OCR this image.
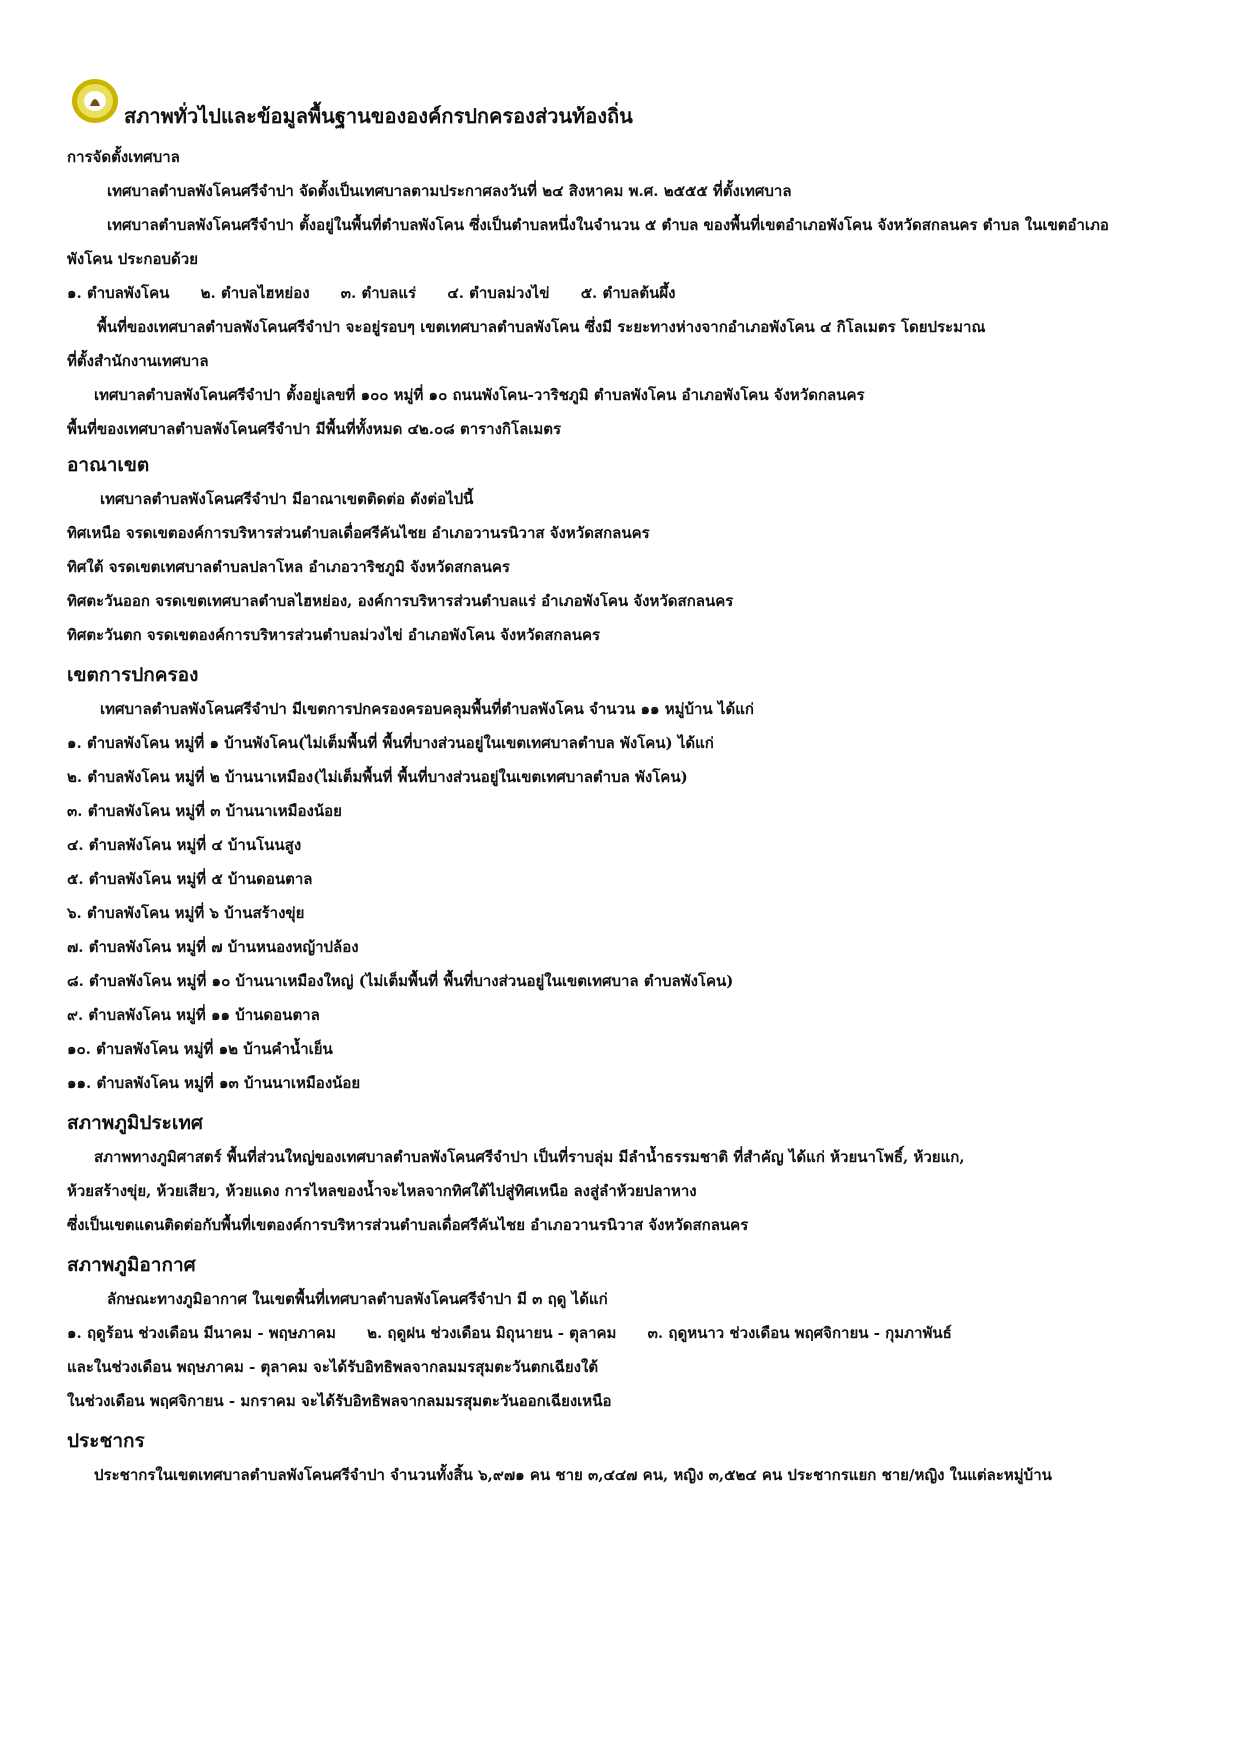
สภาพทั่วไปและข้อมูลพื้นฐานขององค์กรปกครองส่วนท้องถิ่น
การจัดตั้งเทศบาล
เทศบาลตำบลพังโคนศรีจำปา จัดตั้งเป็นเทศบาลตามประกาศลงวันที่ ๒๔ สิงหาคม พ.ศ. ๒๕๕๕ ที่ตั้งเทศบาล
เทศบาลตำบลพังโคนศรีจำปา ตั้งอยู่ในพื้นที่ตำบลพังโคน ซึ่งเป็นตำบลหนึ่งในจำนวน ๕ ตำบล ของพื้นที่เขตอำเภอพังโคน จังหวัดสกลนคร ตำบล ในเขตอำเภอ
พังโคน ประกอบด้วย
๑. ตำบลพังโคน ๒. ตำบลไฮหย่อง ๓. ตำบลแร่ ๔. ตำบลม่วงไข่ ๕. ตำบลต้นผึ้ง
พื้นที่ของเทศบาลตำบลพังโคนศรีจำปา จะอยู่รอบๆ เขตเทศบาลตำบลพังโคน ซึ่งมี ระยะทางห่างจากอำเภอพังโคน ๔ กิโลเมตร โดยประมาณ
ที่ตั้งสำนักงานเทศบาล
เทศบาลตำบลพังโคนศรีจำปา ตั้งอยู่เลขที่ ๑๐๐ หมู่ที่ ๑๐ ถนนพังโคน-วาริชภูมิ ตำบลพังโคน อำเภอพังโคน จังหวัดกลนคร
พื้นที่ของเทศบาลตำบลพังโคนศรีจำปา มีพื้นที่ทั้งหมด ๔๒.๐๘ ตารางกิโลเมตร
อาณาเขต
เทศบาลตำบลพังโคนศรีจำปา มีอาณาเขตติดต่อ ดังต่อไปนี้
ทิศเหนือ จรดเขตองค์การบริหารส่วนตำบลเดื่อศรีคันไชย อำเภอวานรนิวาส จังหวัดสกลนคร
ทิศใต้ จรดเขตเทศบาลตำบลปลาโหล อำเภอวาริชภูมิ จังหวัดสกลนคร
ทิศตะวันออก จรดเขตเทศบาลตำบลไฮหย่อง, องค์การบริหารส่วนตำบลแร่ อำเภอพังโคน จังหวัดสกลนคร
ทิศตะวันตก จรดเขตองค์การบริหารส่วนตำบลม่วงไข่ อำเภอพังโคน จังหวัดสกลนคร
เขตการปกครอง
เทศบาลตำบลพังโคนศรีจำปา มีเขตการปกครองครอบคลุมพื้นที่ตำบลพังโคน จำนวน ๑๑ หมู่บ้าน ได้แก่
๑. ตำบลพังโคน หมู่ที่ ๑ บ้านพังโคน(ไม่เต็มพื้นที่ พื้นที่บางส่วนอยู่ในเขตเทศบาลตำบล พังโคน) ได้แก่
๒. ตำบลพังโคน หมู่ที่ ๒ บ้านนาเหมือง(ไม่เต็มพื้นที่ พื้นที่บางส่วนอยู่ในเขตเทศบาลตำบล พังโคน)
๓. ตำบลพังโคน หมู่ที่ ๓ บ้านนาเหมืองน้อย
๔. ตำบลพังโคน หมู่ที่ ๔ บ้านโนนสูง
๕. ตำบลพังโคน หมู่ที่ ๕ บ้านดอนตาล
๖. ตำบลพังโคน หมู่ที่ ๖ บ้านสร้างขุ่ย
๗. ตำบลพังโคน หมู่ที่ ๗ บ้านหนองหญ้าปล้อง
๘. ตำบลพังโคน หมู่ที่ ๑๐ บ้านนาเหมืองใหญ่ (ไม่เต็มพื้นที่ พื้นที่บางส่วนอยู่ในเขตเทศบาล ตำบลพังโคน)
๙. ตำบลพังโคน หมู่ที่ ๑๑ บ้านดอนตาล
๑๐. ตำบลพังโคน หมู่ที่ ๑๒ บ้านคำน้ำเย็น
๑๑. ตำบลพังโคน หมู่ที่ ๑๓ บ้านนาเหมืองน้อย
สภาพภูมิประเทศ
สภาพทางภูมิศาสตร์ พื้นที่ส่วนใหญ่ของเทศบาลตำบลพังโคนศรีจำปา เป็นที่ราบลุ่ม มีลำน้ำธรรมชาติ ที่สำคัญ ได้แก่ ห้วยนาโพธิ์, ห้วยแก,
ห้วยสร้างขุ่ย, ห้วยเสียว, ห้วยแดง การไหลของน้ำจะไหลจากทิศใต้ไปสู่ทิศเหนือ ลงสู่ลำห้วยปลาหาง
ซึ่งเป็นเขตแดนติดต่อกับพื้นที่เขตองค์การบริหารส่วนตำบลเดื่อศรีคันไชย อำเภอวานรนิวาส จังหวัดสกลนคร
สภาพภูมิอากาศ
ลักษณะทางภูมิอากาศ ในเขตพื้นที่เทศบาลตำบลพังโคนศรีจำปา มี ๓ ฤดู ได้แก่
๑. ฤดูร้อน ช่วงเดือน มีนาคม - พฤษภาคม ๒. ฤดูฝน ช่วงเดือน มิถุนายน - ตุลาคม ๓. ฤดูหนาว ช่วงเดือน พฤศจิกายน - กุมภาพันธ์
และในช่วงเดือน พฤษภาคม - ตุลาคม จะได้รับอิทธิพลจากลมมรสุมตะวันตกเฉียงใต้
ในช่วงเดือน พฤศจิกายน - มกราคม จะได้รับอิทธิพลจากลมมรสุมตะวันออกเฉียงเหนือ
ประชากร
ประชากรในเขตเทศบาลตำบลพังโคนศรีจำปา จำนวนทั้งสิ้น ๖,๙๗๑ คน ชาย ๓,๔๔๗ คน, หญิง ๓,๕๒๔ คน ประชากรแยก ชาย/หญิง ในแต่ละหมู่บ้าน
